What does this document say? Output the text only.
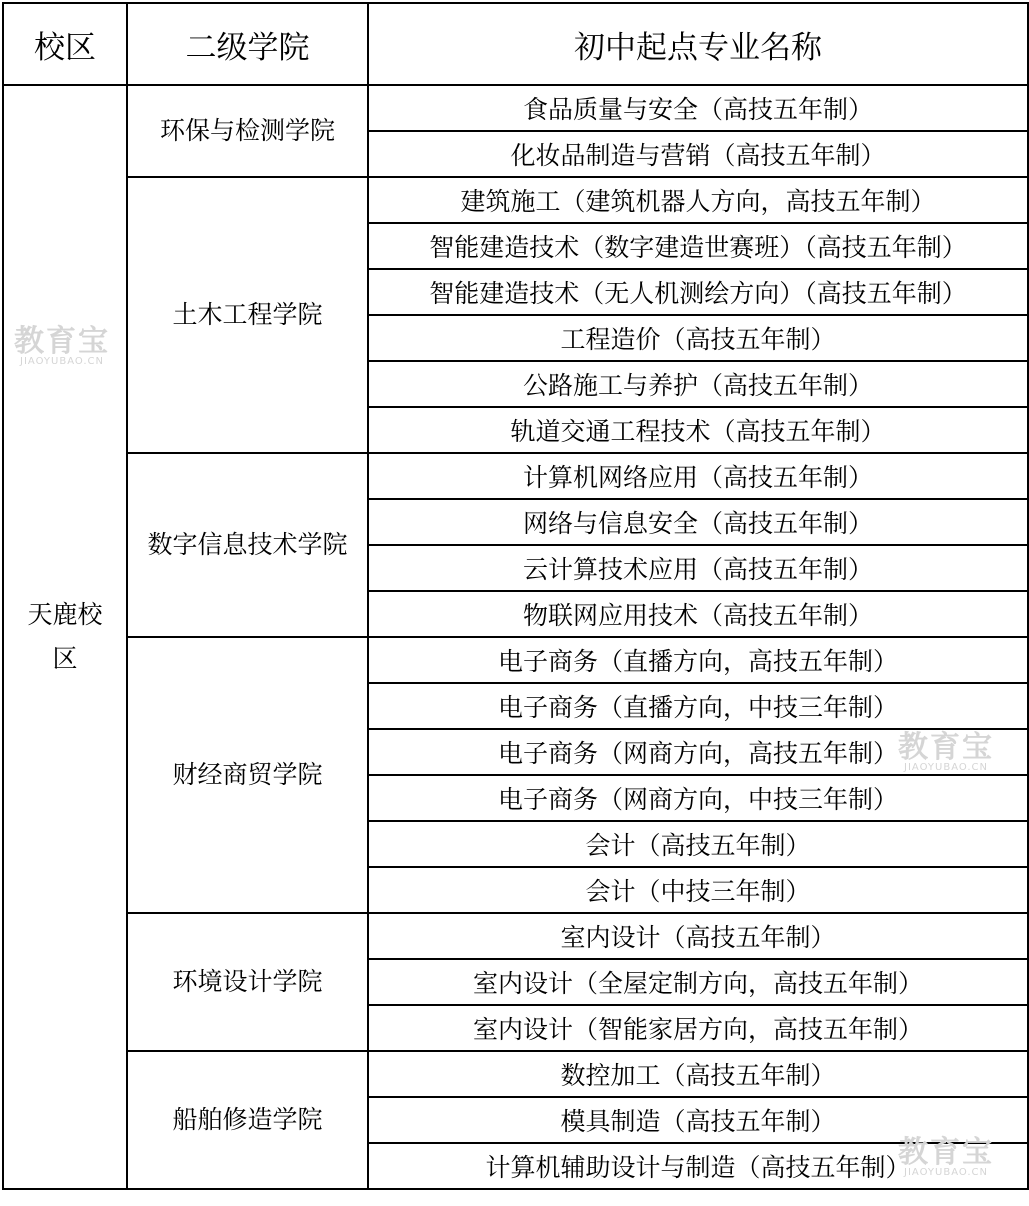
校区	二级学院	初中起点专业名称
天鹿校区	环保与检测学院	食品质量与安全（高技五年制）
		化妆品制造与营销（高技五年制）
	土木工程学院	建筑施工（建筑机器人方向，高技五年制）
		智能建造技术（数字建造世赛班）（高技五年制）
		智能建造技术（无人机测绘方向）（高技五年制）
		工程造价（高技五年制）
		公路施工与养护（高技五年制）
		轨道交通工程技术（高技五年制）
	数字信息技术学院	计算机网络应用（高技五年制）
		网络与信息安全（高技五年制）
		云计算技术应用（高技五年制）
		物联网应用技术（高技五年制）
	财经商贸学院	电子商务（直播方向，高技五年制）
		电子商务（直播方向，中技三年制）
		电子商务（网商方向，高技五年制）
		电子商务（网商方向，中技三年制）
		会计（高技五年制）
		会计（中技三年制）
	环境设计学院	室内设计（高技五年制）
		室内设计（全屋定制方向，高技五年制）
		室内设计（智能家居方向，高技五年制）
	船舶修造学院	数控加工（高技五年制）
		模具制造（高技五年制）
		计算机辅助设计与制造（高技五年制）
教育宝
JIAOYUBAO.CN
教育宝
JIAOYUBAO.CN
教育宝
JIAOYUBAO.CN
